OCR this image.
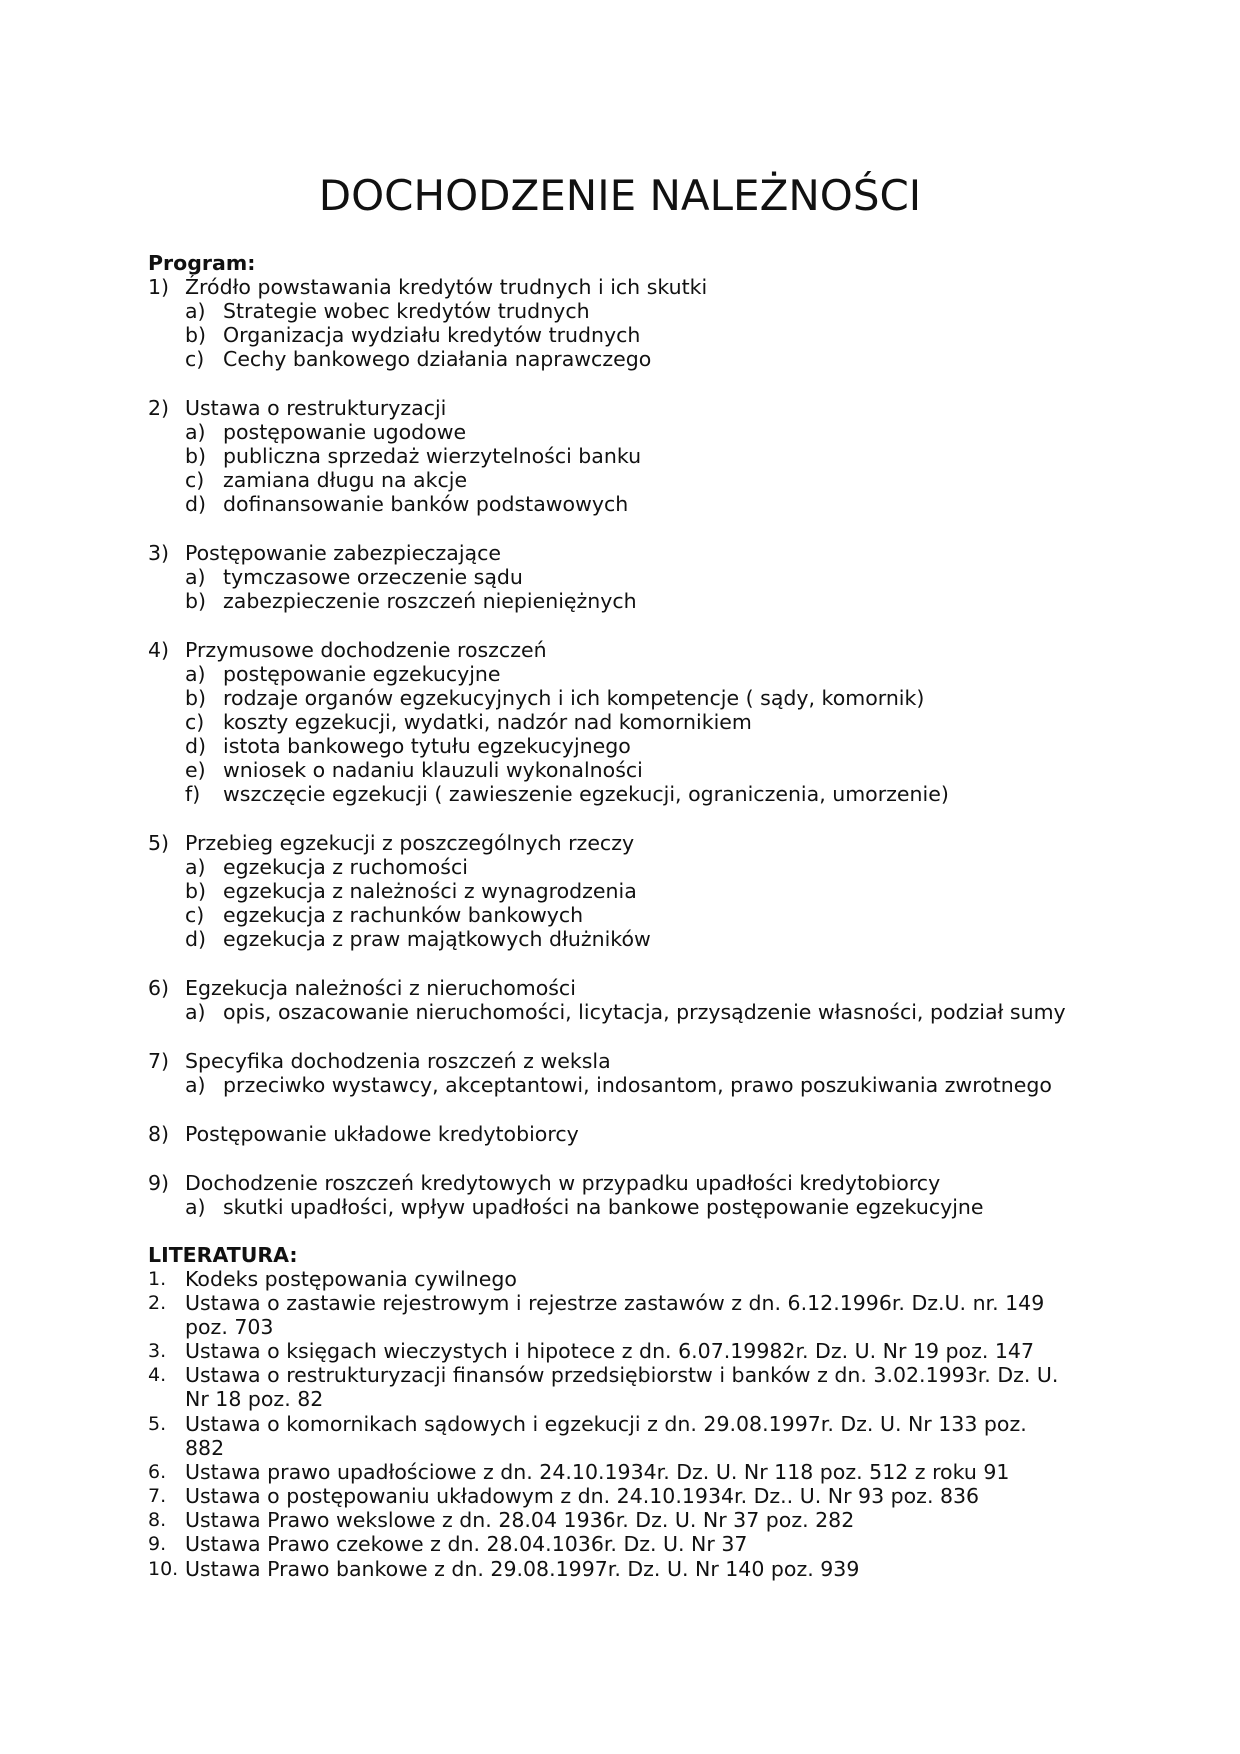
DOCHODZENIE NALEŻNOŚCI
Program:
1) Źródło powstawania kredytów trudnych i ich skutki
a) Strategie wobec kredytów trudnych
b) Organizacja wydziału kredytów trudnych
c) Cechy bankowego działania naprawczego
2) Ustawa o restrukturyzacji
a) postępowanie ugodowe
b) publiczna sprzedaż wierzytelności banku
c) zamiana długu na akcje
d) dofinansowanie banków podstawowych
3) Postępowanie zabezpieczające
a) tymczasowe orzeczenie sądu
b) zabezpieczenie roszczeń niepieniężnych
4) Przymusowe dochodzenie roszczeń
a) postępowanie egzekucyjne
b) rodzaje organów egzekucyjnych i ich kompetencje ( sądy, komornik)
c) koszty egzekucji, wydatki, nadzór nad komornikiem
d) istota bankowego tytułu egzekucyjnego
e) wniosek o nadaniu klauzuli wykonalności
f) wszczęcie egzekucji ( zawieszenie egzekucji, ograniczenia, umorzenie)
5) Przebieg egzekucji z poszczególnych rzeczy
a) egzekucja z ruchomości
b) egzekucja z należności z wynagrodzenia
c) egzekucja z rachunków bankowych
d) egzekucja z praw majątkowych dłużników
6) Egzekucja należności z nieruchomości
a) opis, oszacowanie nieruchomości, licytacja, przysądzenie własności, podział sumy
7) Specyfika dochodzenia roszczeń z weksla
a) przeciwko wystawcy, akceptantowi, indosantom, prawo poszukiwania zwrotnego
8) Postępowanie układowe kredytobiorcy
9) Dochodzenie roszczeń kredytowych w przypadku upadłości kredytobiorcy
a) skutki upadłości, wpływ upadłości na bankowe postępowanie egzekucyjne
LITERATURA:
1. Kodeks postępowania cywilnego
2. Ustawa o zastawie rejestrowym i rejestrze zastawów z dn. 6.12.1996r. Dz.U. nr. 149
poz. 703
3. Ustawa o księgach wieczystych i hipotece z dn. 6.07.19982r. Dz. U. Nr 19 poz. 147
4. Ustawa o restrukturyzacji finansów przedsiębiorstw i banków z dn. 3.02.1993r. Dz. U.
Nr 18 poz. 82
5. Ustawa o komornikach sądowych i egzekucji z dn. 29.08.1997r. Dz. U. Nr 133 poz.
882
6. Ustawa prawo upadłościowe z dn. 24.10.1934r. Dz. U. Nr 118 poz. 512 z roku 91
7. Ustawa o postępowaniu układowym z dn. 24.10.1934r. Dz.. U. Nr 93 poz. 836
8. Ustawa Prawo wekslowe z dn. 28.04 1936r. Dz. U. Nr 37 poz. 282
9. Ustawa Prawo czekowe z dn. 28.04.1036r. Dz. U. Nr 37
10. Ustawa Prawo bankowe z dn. 29.08.1997r. Dz. U. Nr 140 poz. 939
